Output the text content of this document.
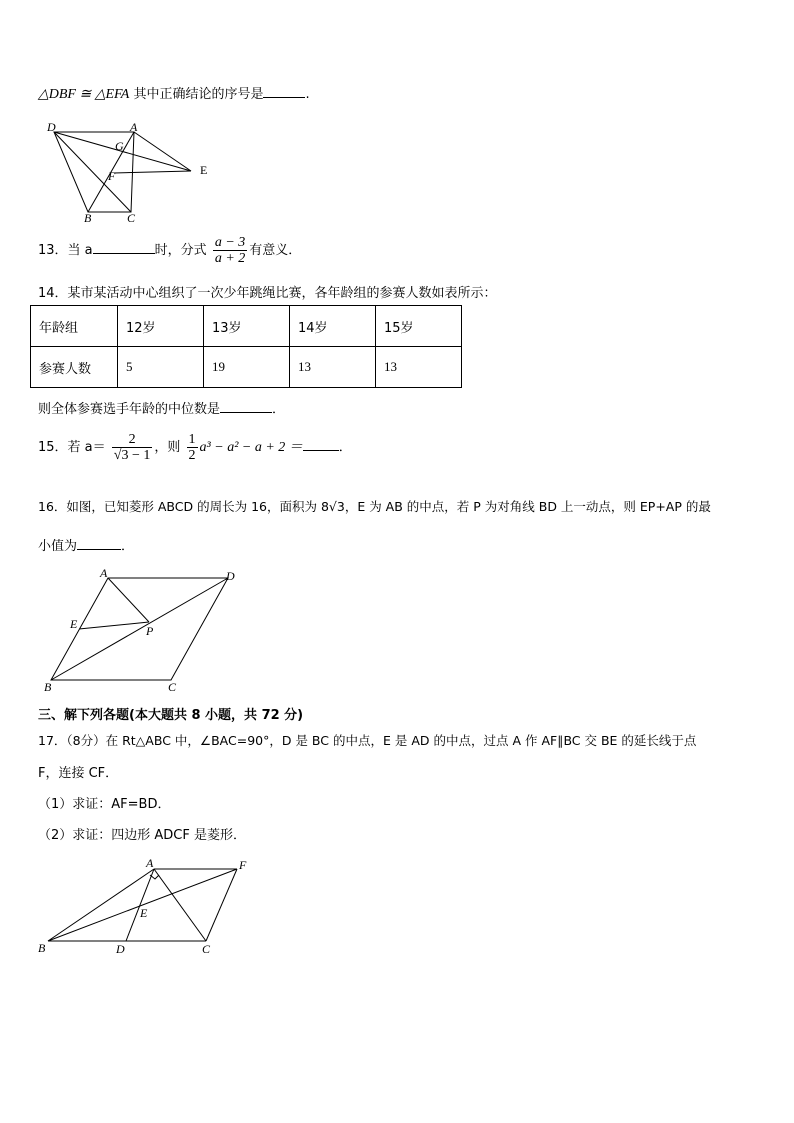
△DBF ≅ △EFA 其中正确结论的序号是	.
D	A
G
F	E
B	C
13．当 a	时，分式 $\frac{a - 3}{a + 2}$ 有意义．
14．某市某活动中心组织了一次少年跳绳比赛，各年龄组的参赛人数如表所示：
年龄组	12岁	13岁	14岁	15岁
参赛人数	5	19	13	13
则全体参赛选手年龄的中位数是	．
15．若 $a= \frac{2}{√3 - 1}$ ，则 $\frac{1}{2} a^3 - a^2 - a + 2$ ＝	．
16．如图，已知菱形 ABCD 的周长为 16，面积为 8√3，E 为 AB 的中点，若 P 为对角线 BD 上一动点，则 EP+AP 的最
小值为	．
A	D
E	P
B	C
三、解下列各题(本大题共 8 小题，共 72 分)
17．（8分）在 Rt△ABC 中，∠BAC=90°，D 是 BC 的中点，E 是 AD 的中点，过点 A 作 AF∥BC 交 BE 的延长线于点
F，连接 CF．
（1）求证：AF=BD．
（2）求证：四边形 ADCF 是菱形．
A	F
E
B	D	C
